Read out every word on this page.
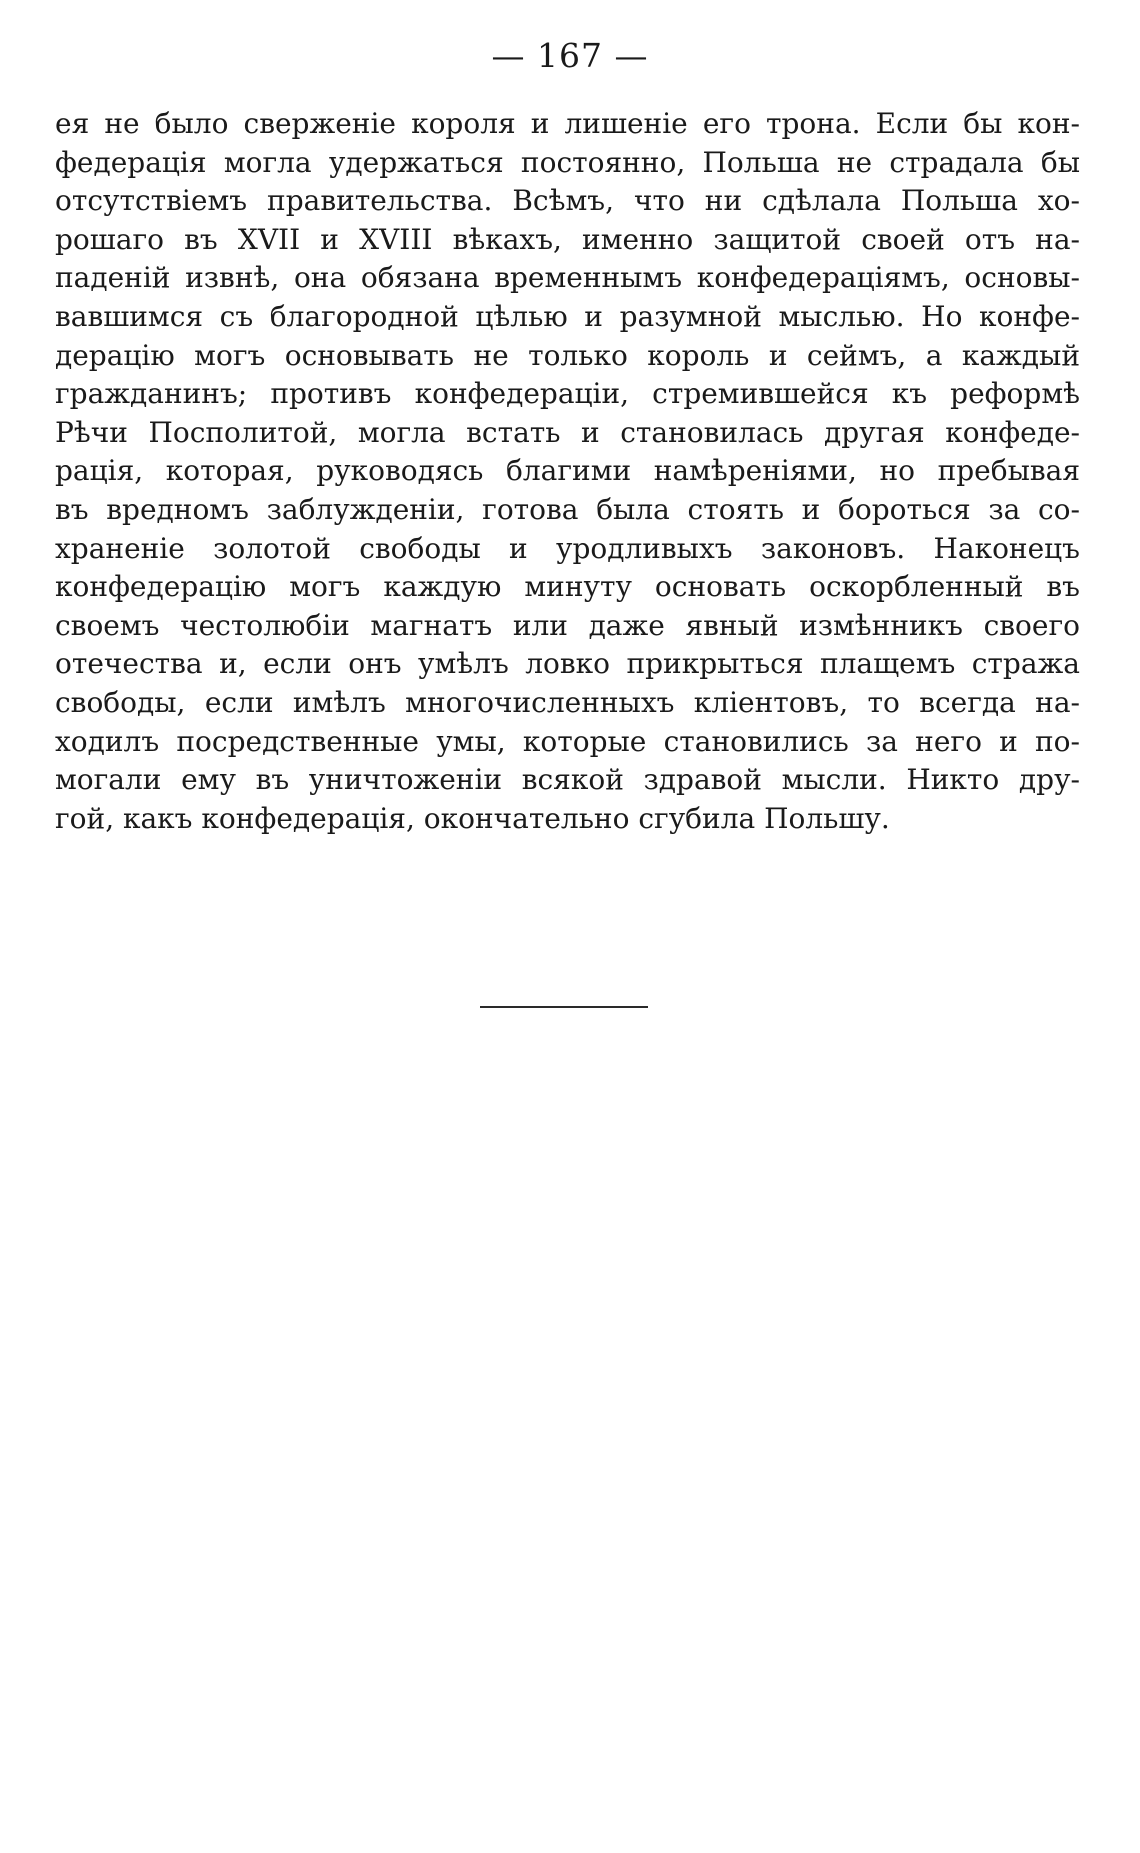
— 167 —
ея не было свержeніе короля и лишеніе его трона. Если бы кон-
федерація могла удержаться постоянно, Польша не страдала бы
отсутствіемъ правительства. Всѣмъ, что ни сдѣлала Польша хо-
рошаго въ XVII и XVIII вѣкахъ, именно защитой своей отъ на-
паденій извнѣ, она обязана временнымъ конфедераціямъ, основы-
вавшимся съ благородной цѣлью и разумной мыслью. Но конфе-
дерацію могъ основывать не только король и сеймъ, а каждый
гражданинъ; противъ конфедераціи, стремившейся къ реформѣ
Рѣчи Посполитой, могла встать и становилась другая конфеде-
рація, которая, руководясь благими намѣреніями, но пребывая
въ вредномъ заблужденіи, готова была стоять и бороться за со-
храненіе золотой свободы и уродливыхъ законовъ. Наконецъ
конфедерацію могъ каждую минуту основать оскорбленный въ
своемъ честолюбіи магнатъ или даже явный измѣнникъ своего
отечества и, если онъ умѣлъ ловко прикрыться плащемъ стража
свободы, если имѣлъ многочисленныхъ кліентовъ, то всегда на-
ходилъ посредственные умы, которые становились за него и по-
могали ему въ уничтоженіи всякой здравой мысли. Никто дру-
гой, какъ конфедерація, окончательно сгубила Польшу.
